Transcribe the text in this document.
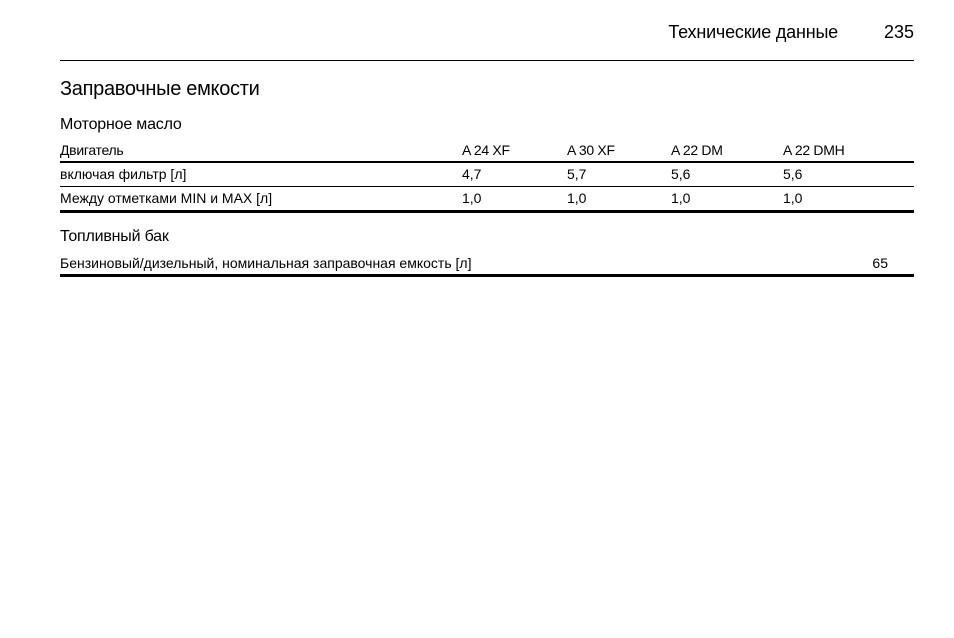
Технические данные	235
Заправочные емкости
Моторное масло
Двигатель	A 24 XF	A 30 XF	A 22 DM	A 22 DMH
включая фильтр [л]	4,7	5,7	5,6	5,6
Между отметками MIN и MAX [л]	1,0	1,0	1,0	1,0
Топливный бак
Бензиновый/дизельный, номинальная заправочная емкость [л]	65
